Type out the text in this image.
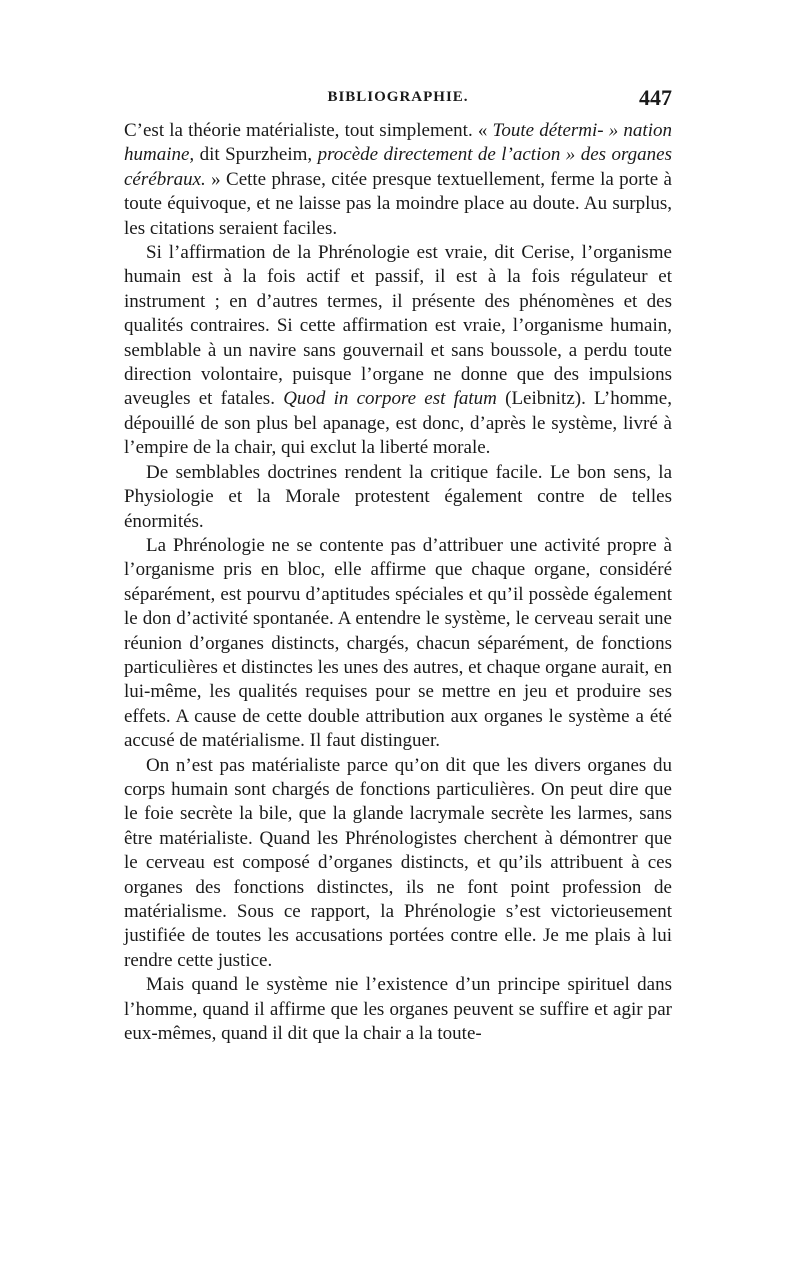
BIBLIOGRAPHIE.	447

C’est la théorie matérialiste, tout simplement. « Toute détermi- » nation humaine, dit Spurzheim, procède directement de l’action » des organes cérébraux. » Cette phrase, citée presque textuellement, ferme la porte à toute équivoque, et ne laisse pas la moindre place au doute. Au surplus, les citations seraient faciles.

Si l’affirmation de la Phrénologie est vraie, dit Cerise, l’organisme humain est à la fois actif et passif, il est à la fois régulateur et instrument ; en d’autres termes, il présente des phénomènes et des qualités contraires. Si cette affirmation est vraie, l’organisme humain, semblable à un navire sans gouvernail et sans boussole, a perdu toute direction volontaire, puisque l’organe ne donne que des impulsions aveugles et fatales. Quod in corpore est fatum (Leibnitz). L’homme, dépouillé de son plus bel apanage, est donc, d’après le système, livré à l’empire de la chair, qui exclut la liberté morale.

De semblables doctrines rendent la critique facile. Le bon sens, la Physiologie et la Morale protestent également contre de telles énormités.

La Phrénologie ne se contente pas d’attribuer une activité propre à l’organisme pris en bloc, elle affirme que chaque organe, considéré séparément, est pourvu d’aptitudes spéciales et qu’il possède également le don d’activité spontanée. A entendre le système, le cerveau serait une réunion d’organes distincts, chargés, chacun séparément, de fonctions particulières et distinctes les unes des autres, et chaque organe aurait, en lui-même, les qualités requises pour se mettre en jeu et produire ses effets. A cause de cette double attribution aux organes le système a été accusé de matérialisme. Il faut distinguer.

On n’est pas matérialiste parce qu’on dit que les divers organes du corps humain sont chargés de fonctions particulières. On peut dire que le foie secrète la bile, que la glande lacrymale secrète les larmes, sans être matérialiste. Quand les Phrénologistes cherchent à démontrer que le cerveau est composé d’organes distincts, et qu’ils attribuent à ces organes des fonctions distinctes, ils ne font point profession de matérialisme. Sous ce rapport, la Phrénologie s’est victorieusement justifiée de toutes les accusations portées contre elle. Je me plais à lui rendre cette justice.

Mais quand le système nie l’existence d’un principe spirituel dans l’homme, quand il affirme que les organes peuvent se suffire et agir par eux-mêmes, quand il dit que la chair a la toute-
